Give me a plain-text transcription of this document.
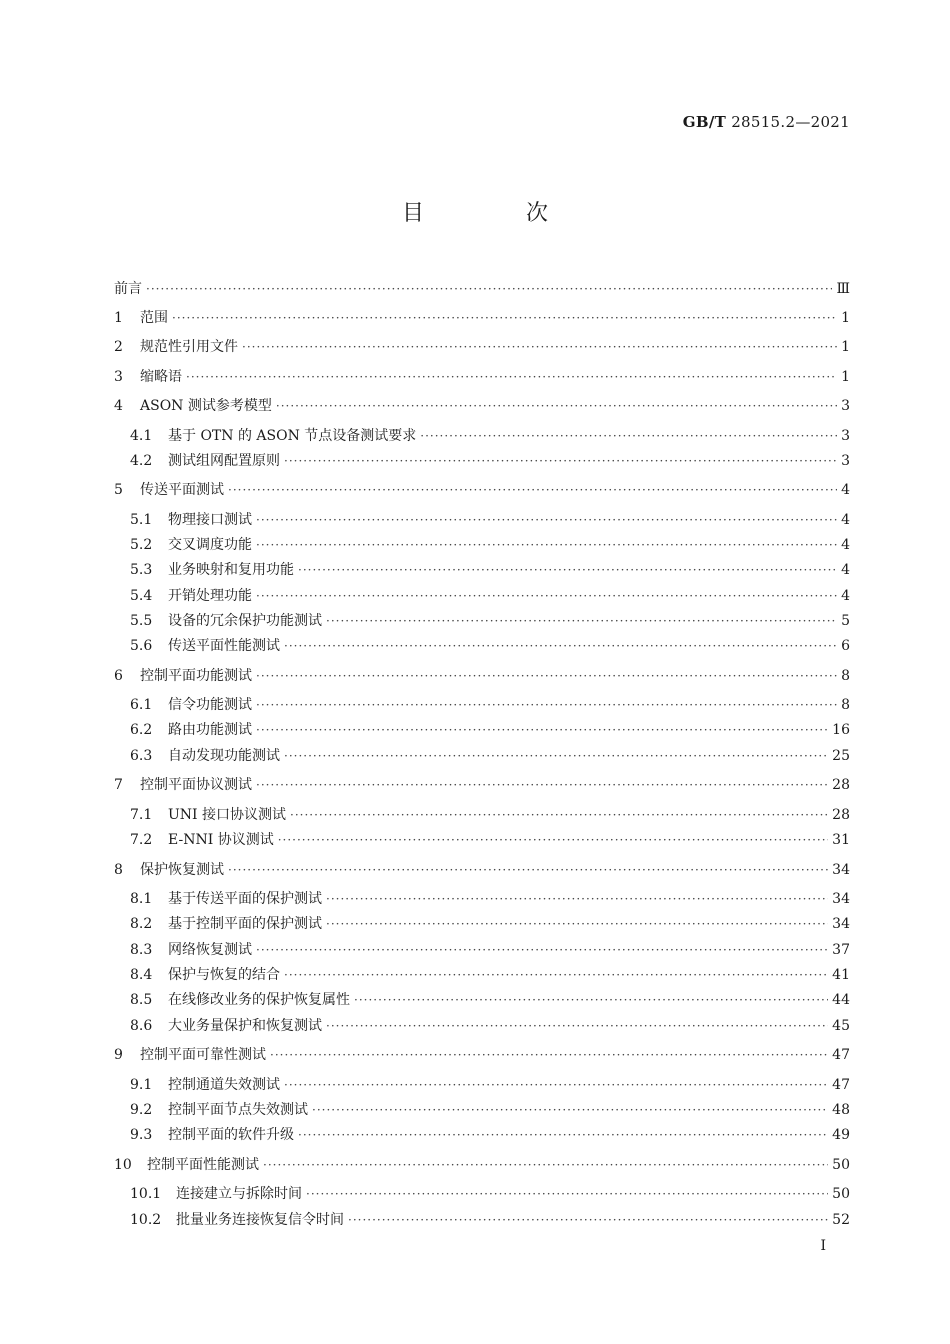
GB/T 28515.2—2021
目　次
前言 ·····	Ⅲ
1	范围 ·····	1
2	规范性引用文件 ·····	1
3	缩略语 ·····	1
4	ASON 测试参考模型 ·····	3
4.1	基于 OTN 的 ASON 节点设备测试要求 ·····	3
4.2	测试组网配置原则 ·····	3
5	传送平面测试 ·····	4
5.1	物理接口测试 ·····	4
5.2	交叉调度功能 ·····	4
5.3	业务映射和复用功能 ·····	4
5.4	开销处理功能 ·····	4
5.5	设备的冗余保护功能测试 ·····	5
5.6	传送平面性能测试 ·····	6
6	控制平面功能测试 ·····	8
6.1	信令功能测试 ·····	8
6.2	路由功能测试 ·····	16
6.3	自动发现功能测试 ·····	25
7	控制平面协议测试 ·····	28
7.1	UNI 接口协议测试 ·····	28
7.2	E-NNI 协议测试 ·····	31
8	保护恢复测试 ·····	34
8.1	基于传送平面的保护测试 ·····	34
8.2	基于控制平面的保护测试 ·····	34
8.3	网络恢复测试 ·····	37
8.4	保护与恢复的结合 ·····	41
8.5	在线修改业务的保护恢复属性 ·····	44
8.6	大业务量保护和恢复测试 ·····	45
9	控制平面可靠性测试 ·····	47
9.1	控制通道失效测试 ·····	47
9.2	控制平面节点失效测试 ·····	48
9.3	控制平面的软件升级 ·····	49
10	控制平面性能测试 ·····	50
10.1	连接建立与拆除时间 ·····	50
10.2	批量业务连接恢复信令时间 ·····	52
I
